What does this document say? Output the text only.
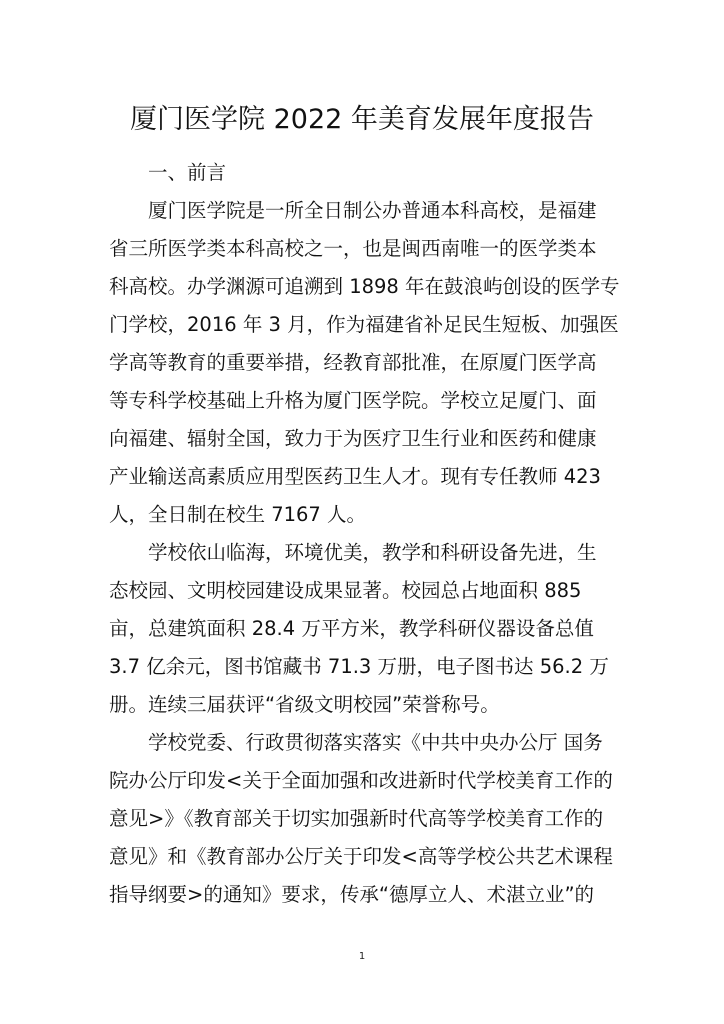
厦门医学院 2022 年美育发展年度报告
一、前言
厦门医学院是一所全日制公办普通本科高校，是福建
省三所医学类本科高校之一，也是闽西南唯一的医学类本
科高校。办学渊源可追溯到 1898 年在鼓浪屿创设的医学专
门学校，2016 年 3 月，作为福建省补足民生短板、加强医
学高等教育的重要举措，经教育部批准，在原厦门医学高
等专科学校基础上升格为厦门医学院。学校立足厦门、面
向福建、辐射全国，致力于为医疗卫生行业和医药和健康
产业输送高素质应用型医药卫生人才。现有专任教师 423
人，全日制在校生 7167 人。
学校依山临海，环境优美，教学和科研设备先进，生
态校园、文明校园建设成果显著。校园总占地面积 885
亩，总建筑面积 28.4 万平方米，教学科研仪器设备总值
3.7 亿余元，图书馆藏书 71.3 万册，电子图书达 56.2 万
册。连续三届获评“省级文明校园”荣誉称号。
学校党委、行政贯彻落实落实《中共中央办公厅 国务
院办公厅印发<关于全面加强和改进新时代学校美育工作的
意见>》《教育部关于切实加强新时代高等学校美育工作的
意见》和《教育部办公厅关于印发<高等学校公共艺术课程
指导纲要>的通知》要求，传承“德厚立人、术湛立业”的
1
